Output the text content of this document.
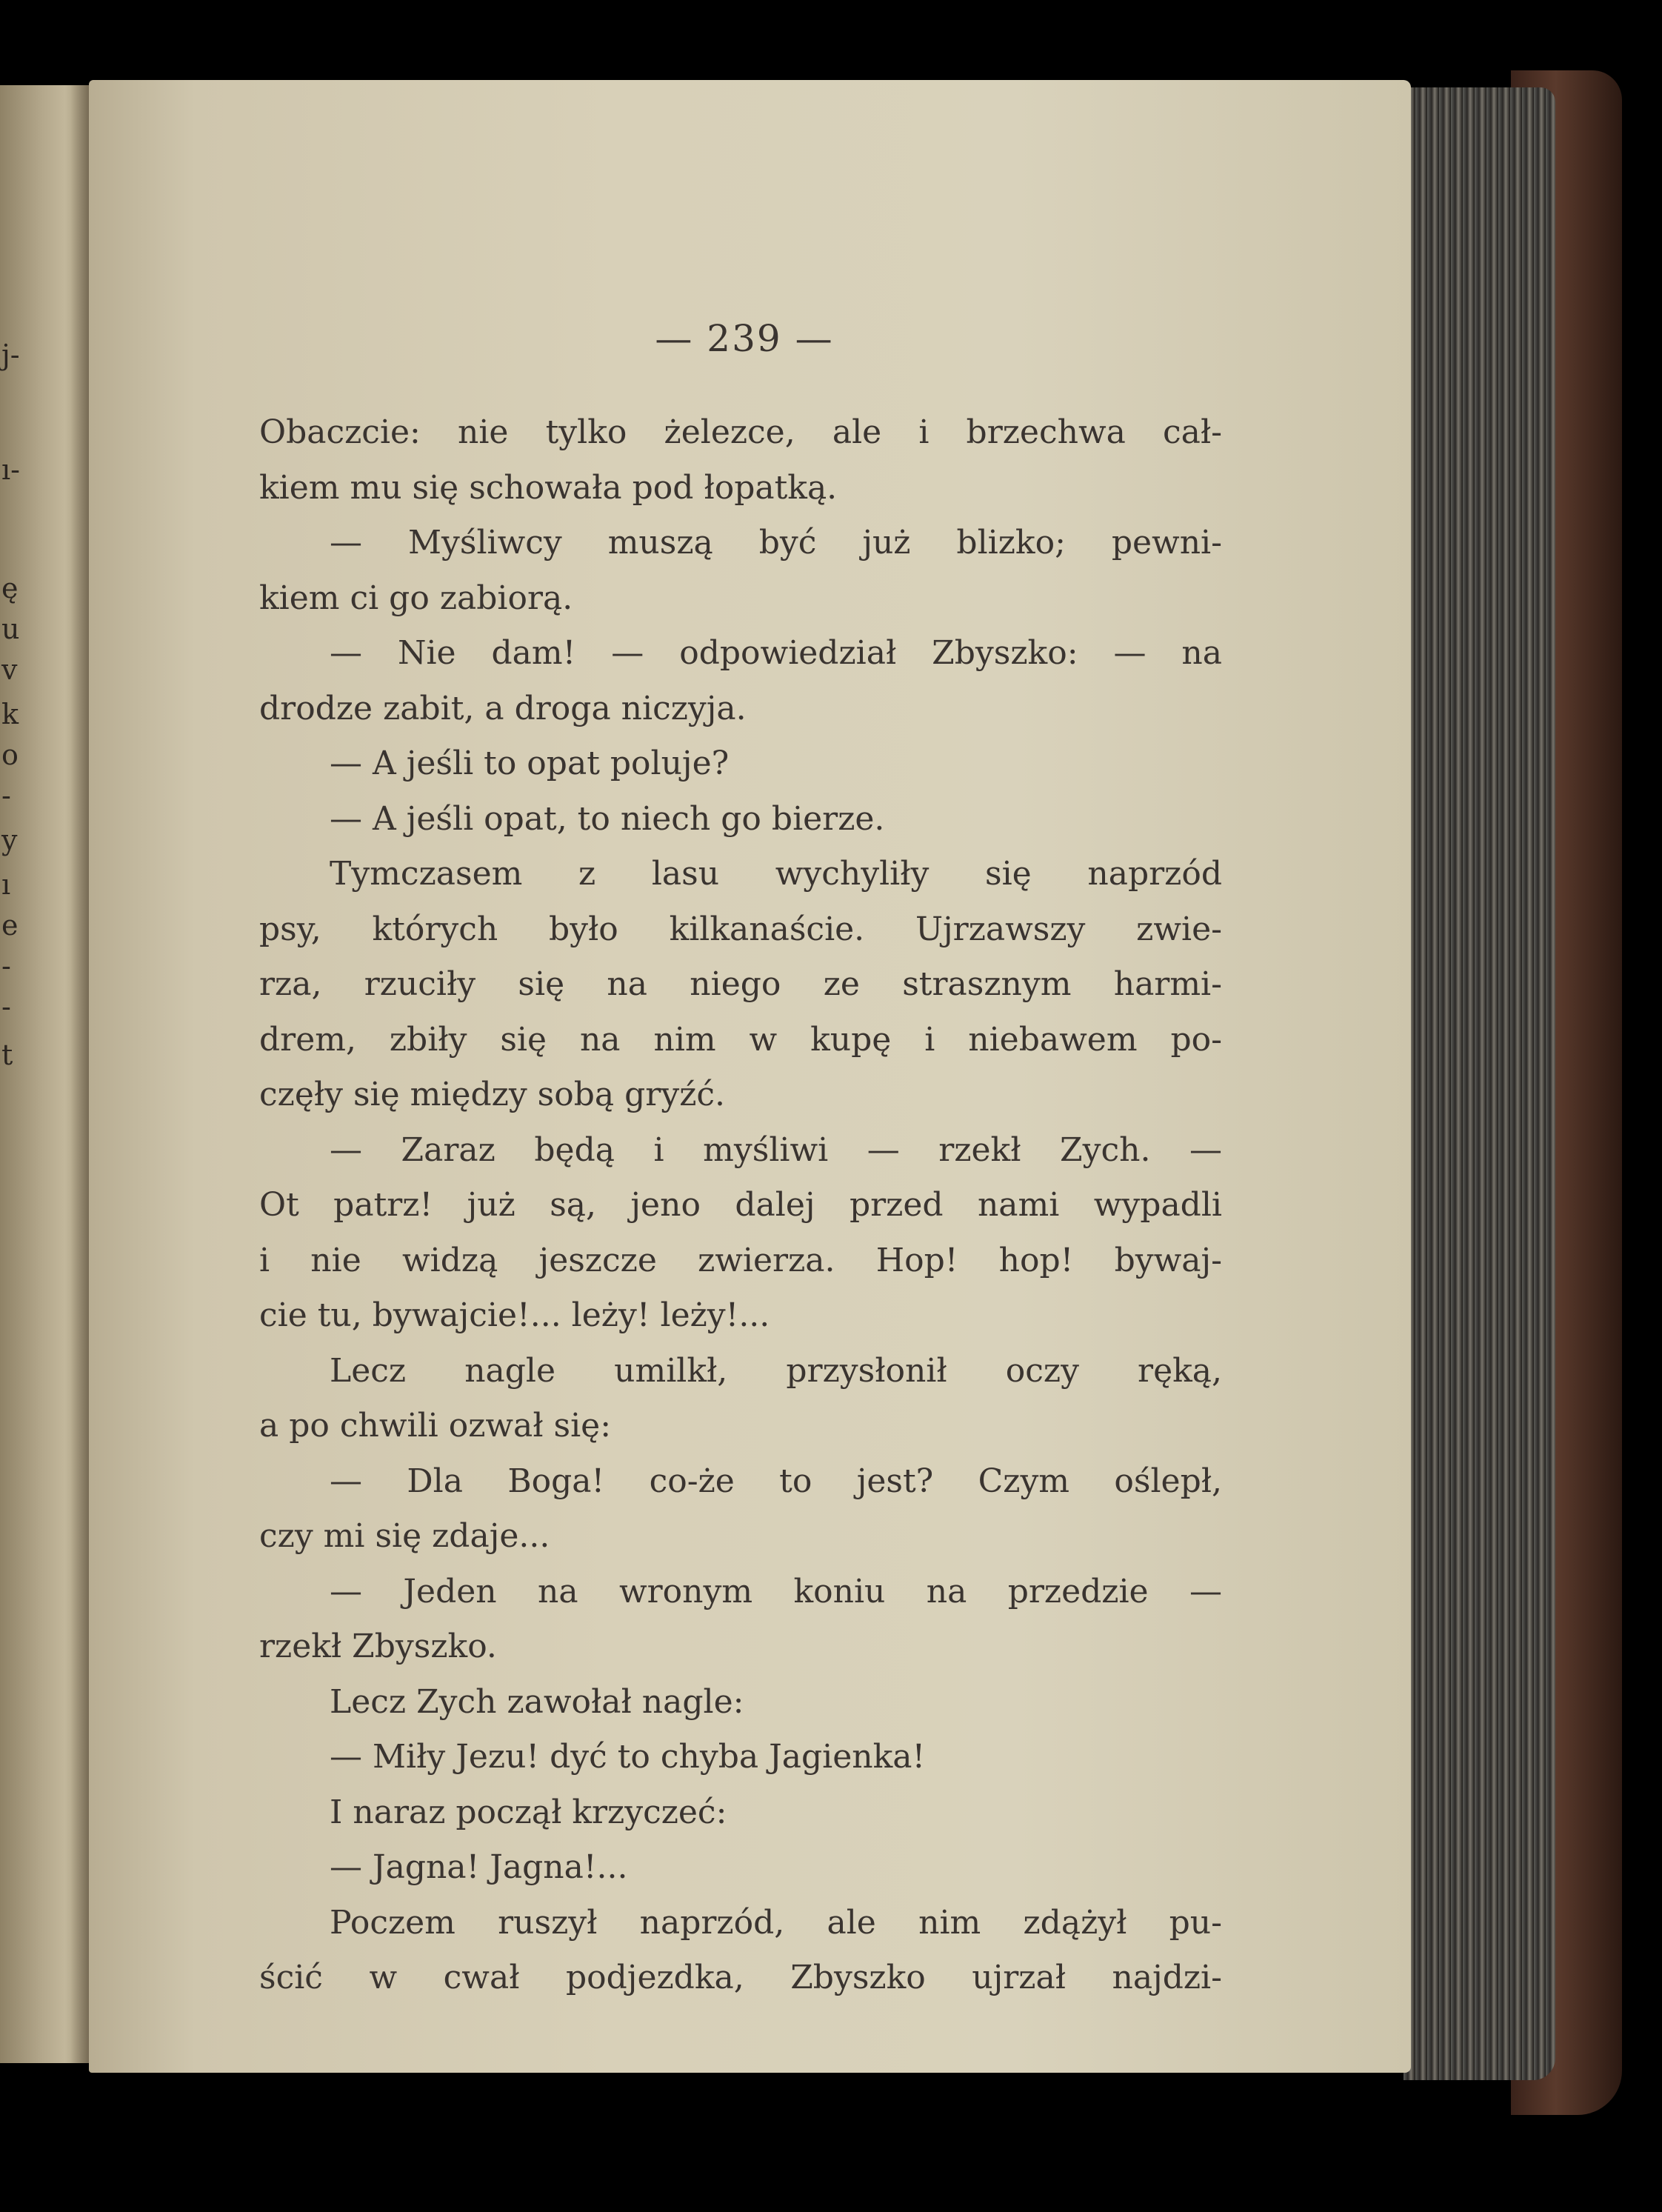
j-
ı-
ę
u
v
k
o
-
y
ı
e
-
-
t
— 239 —
Obaczcie: nie tylko żelezce, ale i brzechwa cał-
kiem mu się schowała pod łopatką.
— Myśliwcy muszą być już blizko; pewni-
kiem ci go zabiorą.
— Nie dam! — odpowiedział Zbyszko: — na
drodze zabit, a droga niczyja.
— A jeśli to opat poluje?
— A jeśli opat, to niech go bierze.
Tymczasem z lasu wychyliły się naprzód
psy, których było kilkanaście. Ujrzawszy zwie-
rza, rzuciły się na niego ze strasznym harmi-
drem, zbiły się na nim w kupę i niebawem po-
częły się między sobą gryźć.
— Zaraz będą i myśliwi — rzekł Zych. —
Ot patrz! już są, jeno dalej przed nami wypadli
i nie widzą jeszcze zwierza. Hop! hop! bywaj-
cie tu, bywajcie!... leży! leży!...
Lecz nagle umilkł, przysłonił oczy ręką,
a po chwili ozwał się:
— Dla Boga! co-że to jest? Czym oślepł,
czy mi się zdaje...
— Jeden na wronym koniu na przedzie —
rzekł Zbyszko.
Lecz Zych zawołał nagle:
— Miły Jezu! dyć to chyba Jagienka!
I naraz począł krzyczeć:
— Jagna! Jagna!...
Poczem ruszył naprzód, ale nim zdążył pu-
ścić w cwał podjezdka, Zbyszko ujrzał najdzi-
